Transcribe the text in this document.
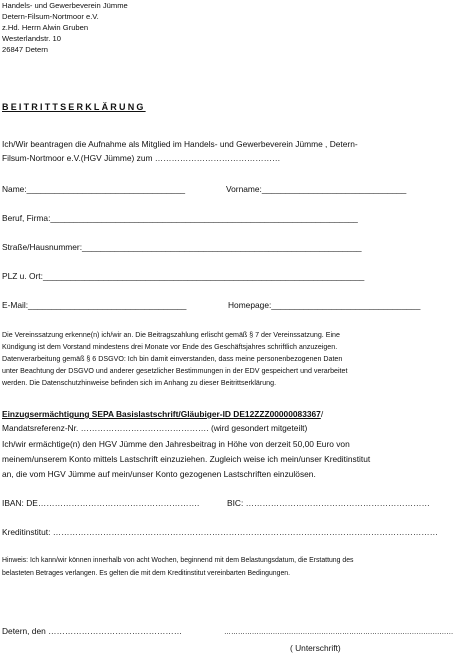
Handels- und Gewerbeverein Jümme
Detern-Filsum-Nortmoor e.V.
z.Hd. Herrn Alwin Gruben
Westerlandstr. 10
26847 Detern
BEITRITTSERKLÄRUNG
Ich/Wir beantragen die Aufnahme als Mitglied im Handels- und Gewerbeverein Jümme , Detern-
Filsum-Nortmoor e.V.(HGV Jümme) zum ………………………………………
Name:__________________________________	Vorname:_______________________________
Beruf, Firma:__________________________________________________________________
Straße/Hausnummer:____________________________________________________________
PLZ u. Ort:_____________________________________________________________________
E-Mail:__________________________________	Homepage:________________________________
Die Vereinssatzung erkenne(n) ich/wir an. Die Beitragszahlung erlischt gemäß § 7 der Vereinssatzung. Eine
Kündigung ist dem Vorstand mindestens drei Monate vor Ende des Geschäftsjahres schriftlich anzuzeigen.
Datenverarbeitung gemäß § 6 DSGVO: Ich bin damit einverstanden, dass meine personenbezogenen Daten
unter Beachtung der DSGVO und anderer gesetzlicher Bestimmungen in der EDV gespeichert und verarbeitet
werden. Die Datenschutzhinweise befinden sich im Anhang zu dieser Beitrittserklärung.
Einzugsermächtigung SEPA Basislastschrift/Gläubiger-ID DE12ZZZ00000083367/
Mandatsreferenz-Nr. ………………………………………. (wird gesondert mitgeteilt)
Ich/wir ermächtige(n) den HGV Jümme den Jahresbeitrag in Höhe von derzeit 50,00 Euro von
meinem/unserem Konto mittels Lastschrift einzuziehen. Zugleich weise ich mein/unser Kreditinstitut
an, die vom HGV Jümme auf mein/unser Konto gezogenen Lastschriften einzulösen.
IBAN: DE………………………………………………….	BIC: …………………………………………………………
Kreditinstitut: …………………………………………………………………………………………………………………………
Hinweis: Ich kann/wir können innerhalb von acht Wochen, beginnend mit dem Belastungsdatum, die Erstattung des
belasteten Betrages verlangen. Es gelten die mit dem Kreditinstitut vereinbarten Bedingungen.
Detern, den …………………………………………	………………………………………………………………………………………
( Unterschrift)
